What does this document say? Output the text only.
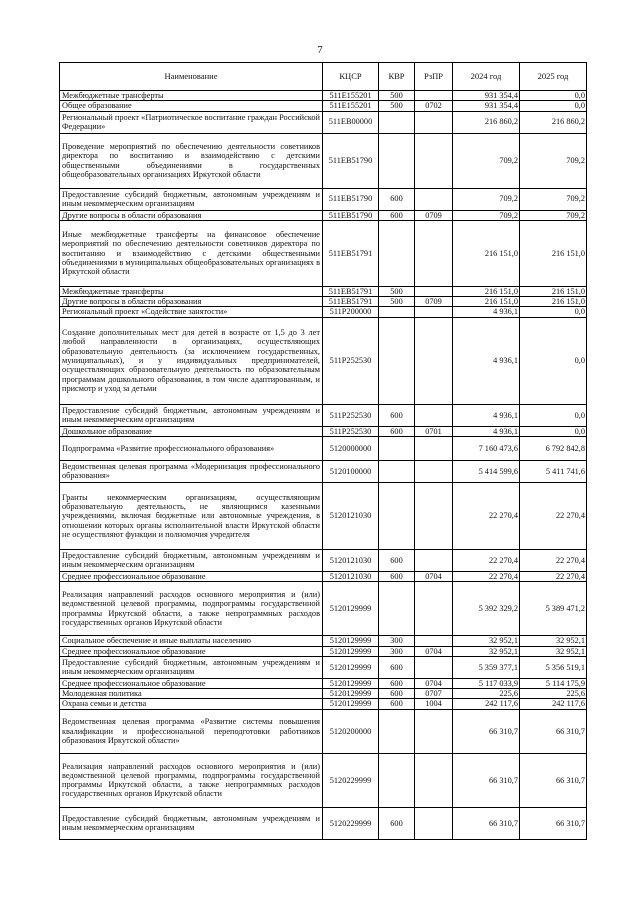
7
Наименование	КЦСР	КВР	РзПР	2024 год	2025 год
Межбюджетные трансферты	511E155201	500		931 354,4	0,0
Общее образование	511E155201	500	0702	931 354,4	0,0
Региональный проект «Патриотическое воспитание граждан Российской Федерации»	511EB00000			216 860,2	216 860,2
Проведение мероприятий по обеспечению деятельности советников директора по воспитанию и взаимодействию с детскими общественными объединениями в государственных общеобразовательных организациях Иркутской области	511EB51790			709,2	709,2
Предоставление субсидий бюджетным, автономным учреждениям и иным некоммерческим организациям	511EB51790	600		709,2	709,2
Другие вопросы в области образования	511EB51790	600	0709	709,2	709,2
Иные межбюджетные трансферты на финансовое обеспечение мероприятий по обеспечению деятельности советников директора по воспитанию и взаимодействию с детскими общественными объединениями в муниципальных общеобразовательных организациях в Иркутской области	511EB51791			216 151,0	216 151,0
Межбюджетные трансферты	511EB51791	500		216 151,0	216 151,0
Другие вопросы в области образования	511EB51791	500	0709	216 151,0	216 151,0
Региональный проект «Содействие занятости»	511P200000			4 936,1	0,0
Создание дополнительных мест для детей в возрасте от 1,5 до 3 лет любой направленности в организациях, осуществляющих образовательную деятельность (за исключением государственных, муниципальных), и у индивидуальных предпринимателей, осуществляющих образовательную деятельность по образовательным программам дошкольного образования, в том числе адаптированным, и присмотр и уход за детьми	511P252530			4 936,1	0,0
Предоставление субсидий бюджетным, автономным учреждениям и иным некоммерческим организациям	511P252530	600		4 936,1	0,0
Дошкольное образование	511P252530	600	0701	4 936,1	0,0
Подпрограмма «Развитие профессионального образования»	5120000000			7 160 473,6	6 792 842,8
Ведомственная целевая программа «Модернизация профессионального образования»	5120100000			5 414 599,6	5 411 741,6
Гранты некоммерческим организациям, осуществляющим образовательную деятельность, не являющимся казенными учреждениями, включая бюджетные или автономные учреждения, в отношении которых органы исполнительной власти Иркутской области не осуществляют функции и полномочия учредителя	5120121030			22 270,4	22 270,4
Предоставление субсидий бюджетным, автономным учреждениям и иным некоммерческим организациям	5120121030	600		22 270,4	22 270,4
Среднее профессиональное образование	5120121030	600	0704	22 270,4	22 270,4
Реализация направлений расходов основного мероприятия и (или) ведомственной целевой программы, подпрограммы государственной программы Иркутской области, а также непрограммных расходов государственных органов Иркутской области	5120129999			5 392 329,2	5 389 471,2
Социальное обеспечение и иные выплаты населению	5120129999	300		32 952,1	32 952,1
Среднее профессиональное образование	5120129999	300	0704	32 952,1	32 952,1
Предоставление субсидий бюджетным, автономным учреждениям и иным некоммерческим организациям	5120129999	600		5 359 377,1	5 356 519,1
Среднее профессиональное образование	5120129999	600	0704	5 117 033,9	5 114 175,9
Молодежная политика	5120129999	600	0707	225,6	225,6
Охрана семьи и детства	5120129999	600	1004	242 117,6	242 117,6
Ведомственная целевая программа «Развитие системы повышения квалификации и профессиональной переподготовки работников образования Иркутской области»	5120200000			66 310,7	66 310,7
Реализация направлений расходов основного мероприятия и (или) ведомственной целевой программы, подпрограммы государственной программы Иркутской области, а также непрограммных расходов государственных органов Иркутской области	5120229999			66 310,7	66 310,7
Предоставление субсидий бюджетным, автономным учреждениям и иным некоммерческим организациям	5120229999	600		66 310,7	66 310,7
